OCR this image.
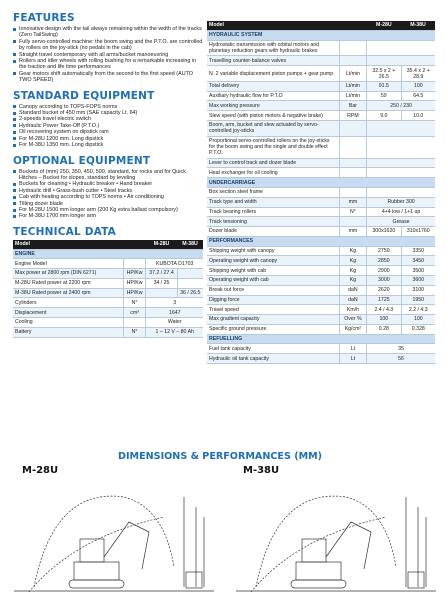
FEATURES
Innovative design with the tail always remaining within the width of the tracks (Zero TailSwing)
Fully servo-controlled machine: the boom swing and the P.T.O. are controlled by rollers on the joy-stick (no pedals in the cab)
Straight travel contemporary with all arms/bucket manoeuvring
Rollers and idler wheels with rolling bushing for a remarkable increasing in the traction and life time performances
Gear motors shift automatically from the second to the first speed (AUTO TWO SPEED)
STANDARD EQUIPMENT
Canopy according to TOPS-FOPS norms
Standard bucket of 450 mm (SAE capacity Lt. 64)
2-speeds travel electric switch
Hydraulic Power Take-Off (P.T.O.)
Oil recovering system on dipstick ram
For M-28U 1200 mm. Long dipstick
For M-38U 1350 mm. Long dipstick
OPTIONAL EQUIPMENT
Buckets of (mm) 250, 350, 450, 500, standard, for rocks and for Quick Hitches – Bucket for slopes, standard by leveling
Buckets for cleaning • Hydraulic breaker • Hand breaker
Hydraulic drill • Grass-bush cutter • Steel tracks
Cab with heating according to TOPS norms • Air conditioning
Tilting dozer blade
For M-28U 1500 mm longer arm (200 Kg extra ballast compulsory)
For M-38U 1700 mm longer arm
TECHNICAL DATA
Model		M-28U	M-38U
ENGINE			
Engine Model		KUBOTA D1703	
Max power at 2800 rpm (DIN 6271)	HP/Kw	37.2 / 27.4	
M-28U Rated power at 2200 rpm	HP/Kw	34 / 25	
M-38U Rated power at 2400 rpm	HP/Kw		36 / 26.5
Cylinders	N°	3	
Displacement	cm³	1647	
Cooling		Water	
Battery	N°	1 – 12 V – 80 Ah	
Model		M-28U	M-38U
HYDRAULIC SYSTEM			
Hydrostatic transmission with orbital motors and planetary reduction gears with hydraulic brakes			
Travelling counter-balance valves			
N. 2 variable displacement piston pumps + gear pump	Lt/min	32.5 x 2 + 26.5	35.4 x 2 + 28.9
Total delivery	Lt/min	91.5	100
Auxiliary hydraulic flow for P.T.O	Lt/min	59	64.5
Max working pressure	Bar	250 / 230	
Slew speed (with piston motors & negative brake)	RPM	9.0	10.0
Boom, arm, bucket and slew actuated by servo-controlled joy-sticks			
Proportional servo-controlled rollers on the joy-sticks for the boom swing and the single and double effect P.T.O.			
Lever to control track and dozer blade			
Heat exchanger for oil cooling			
UNDERCARRIAGE			
Box section steel frame			
Track type and width	mm	Rubber 300	
Track bearing rollers	N°	4+4 low / 1+1 up	
Track tensioning		Grease	
Dozer blade	mm	300x1620	310x1760
PERFORMANCES			
Shipping weight with canopy	Kg	2750	3350
Operating weight with canopy	Kg	2850	3450
Shipping weight with cab	Kg	2900	3500
Operating weight with cab	Kg	3000	3600
Break out force	daN	2620	3100
Digging force	daN	1725	1950
Travel speed	Km/h	2.4 / 4.3	2.2 / 4.3
Max gradient capacity	Over %	100	100
Specific ground pressure	Kg/cm²	0.28	0.328
REFUELLING			
Fuel tank capacity	Lt	35	
Hydraulic oil tank capacity	Lt	56	
DIMENSIONS & PERFORMANCES (MM)
M-28U	M-38U
